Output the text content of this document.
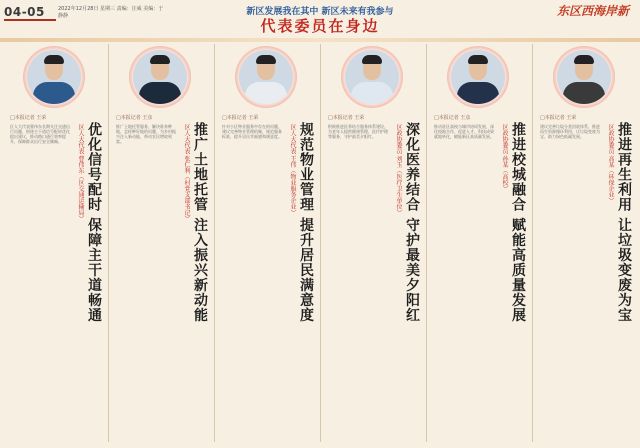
04-05	2022年12月28日 星期三 责编：汪威 美编：于静静	新区发展我在其中 新区未来有我参与
代表委员在身边
东区西海岸新
□本报记者 王荣
优化信号配时 保障主干道畅通
区人大代表 曹伟东（区交通运输局）
区人大代表曹伟东长期关注交通出行问题，围绕主干道信号配时优化提出建议，推动路口通行效率提升，保障群众出行安全顺畅。
□本报记者 王彦
推广土地托管 注入振兴新动能
区人大代表 张仁利（村党支部书记）
推广土地托管服务，解决谁来种地、怎样种好地的问题，为乡村振兴注入新动能，带动农民增收致富。
□本报记者 王荣
规范物业管理 提升居民满意度
区人大代表 王伟（物业服务企业）
针对小区物业服务中存在的问题，建议完善物业管理机制，规范服务标准，提升居民幸福感和满意度。
□本报记者 王荣
深化医养结合 守护最美夕阳红
区政协委员 刘玉（医疗卫生单位）
积极推进医养结合服务体系建设，为老年人提供健康管理、医疗护理等服务，守护最美夕阳红。
□本报记者 王彦
推进校城融合 赋能高质量发展
区政协委员 孙某（高校）
推动驻区高校与城市协同发展，深化校地合作，促进人才、科技成果就地转化，赋能新区高质量发展。
□本报记者 王荣
推进再生利用 让垃圾变废为宝
区政协委员 高某（环保企业）
建议完善垃圾分类回收体系，推进再生资源循环利用，让垃圾变废为宝，助力绿色低碳发展。
